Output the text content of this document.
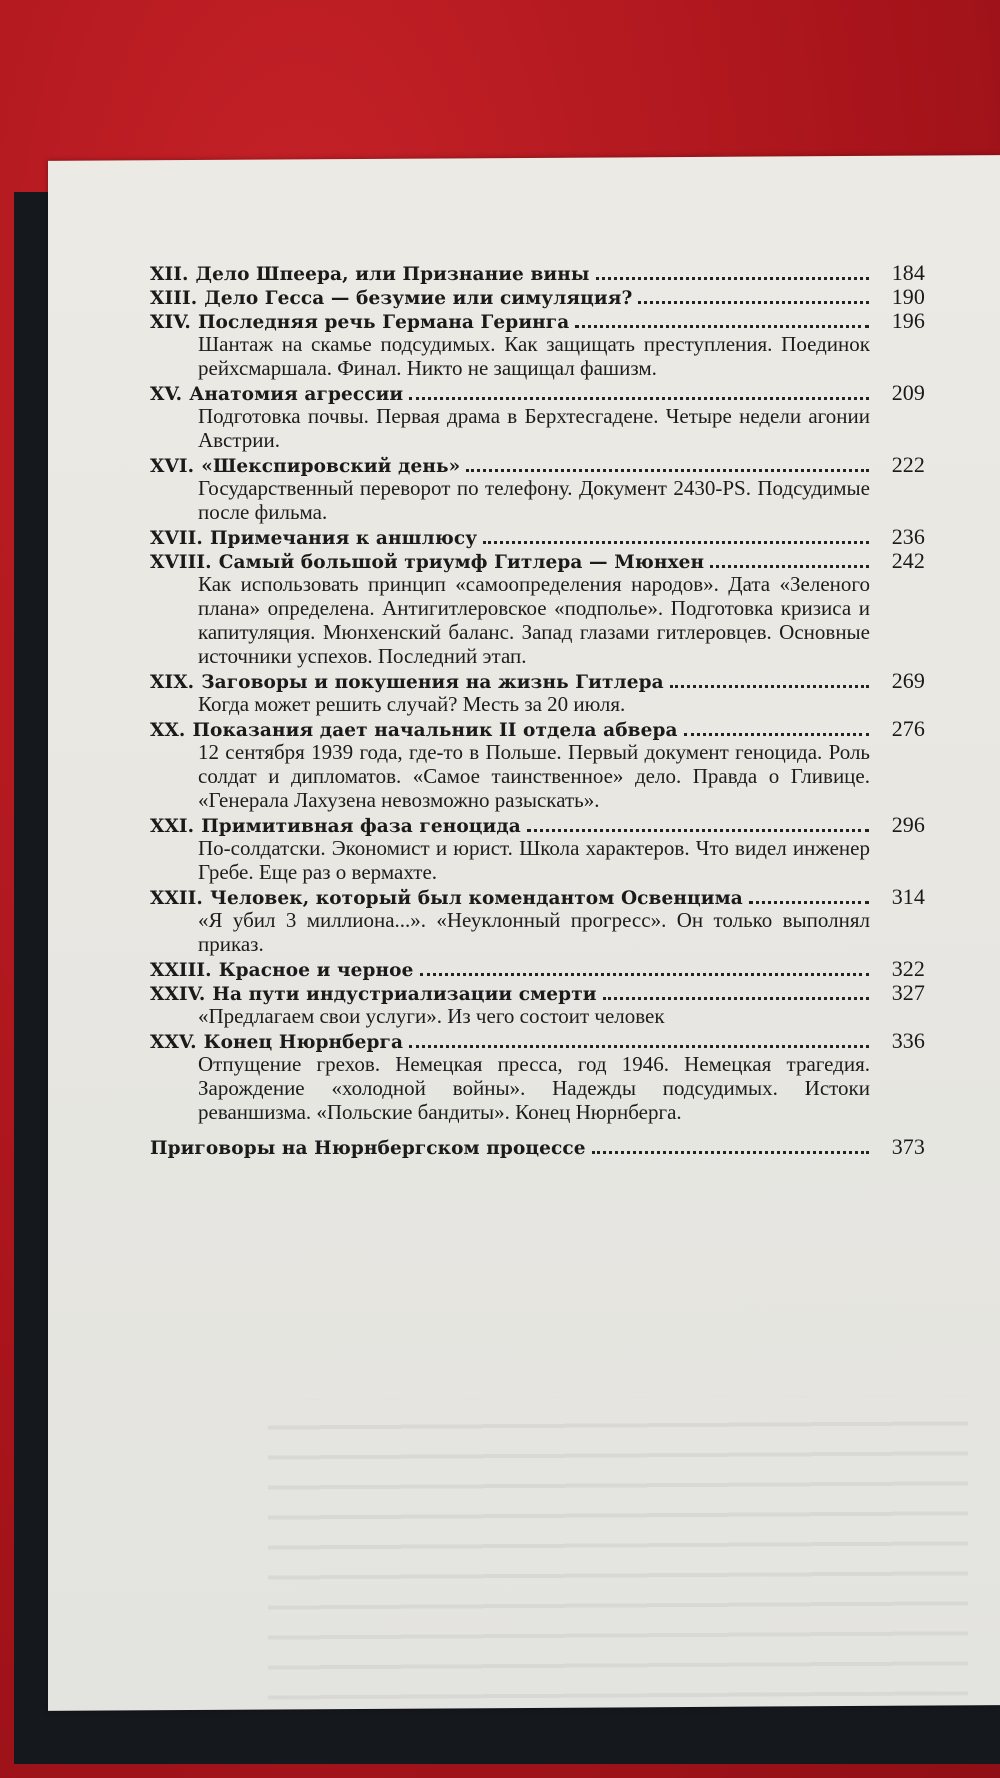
XII. Дело Шпеера, или Признание вины	184
XIII. Дело Гесса — безумие или симуляция?	190
XIV. Последняя речь Германа Геринга	196

Шантаж на скамье подсудимых. Как защищать преступления. Поединок рейхсмаршала. Финал. Никто не защищал фашизм.

XV. Анатомия агрессии	209

Подготовка почвы. Первая драма в Берхтесгадене. Четыре недели агонии Австрии.

XVI. «Шекспировский день»	222

Государственный переворот по телефону. Документ 2430-PS. Подсудимые после фильма.

XVII. Примечания к аншлюсу	236
XVIII. Самый большой триумф Гитлера — Мюнхен	242

Как использовать принцип «самоопределения народов». Дата «Зеленого плана» определена. Антигитлеровское «подполье». Подготовка кризиса и капитуляция. Мюнхенский баланс. Запад глазами гитлеровцев. Основные источники успехов. Последний этап.

XIX. Заговоры и покушения на жизнь Гитлера	269

Когда может решить случай? Месть за 20 июля.

XX. Показания дает начальник II отдела абвера	276

12 сентября 1939 года, где-то в Польше. Первый документ геноцида. Роль солдат и дипломатов. «Самое таинственное» дело. Правда о Гливице. «Генерала Лахузена невозможно разыскать».

XXI. Примитивная фаза геноцида	296

По-солдатски. Экономист и юрист. Школа характеров. Что видел инженер Гребе. Еще раз о вермахте.

XXII. Человек, который был комендантом Освенцима	314

«Я убил 3 миллиона...». «Неуклонный прогресс». Он только выполнял приказ.

XXIII. Красное и черное	322
XXIV. На пути индустриализации смерти	327

«Предлагаем свои услуги». Из чего состоит человек

XXV. Конец Нюрнберга	336

Отпущение грехов. Немецкая пресса, год 1946. Немецкая трагедия. Зарождение «холодной войны». Надежды подсудимых. Истоки реваншизма. «Польские бандиты». Конец Нюрнберга.

Приговоры на Нюрнбергском процессе	373
